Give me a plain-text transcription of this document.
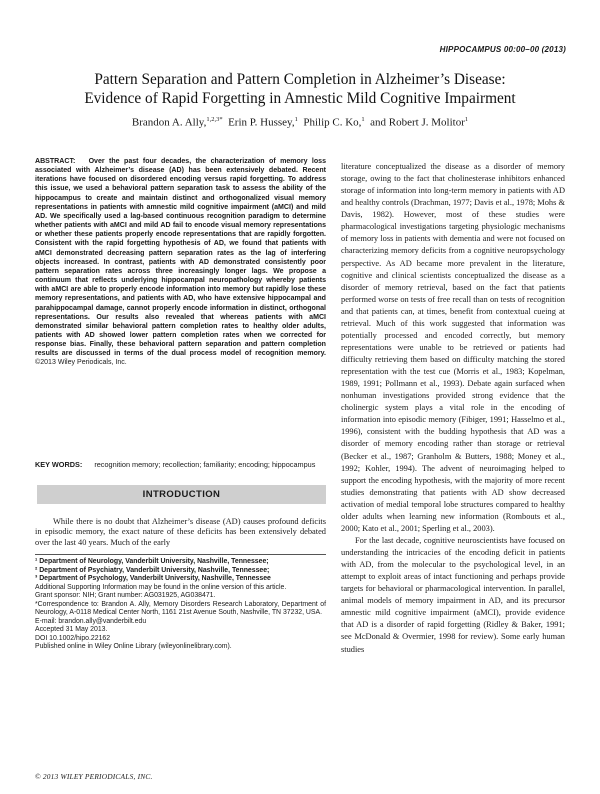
HIPPOCAMPUS 00:00–00 (2013)
Pattern Separation and Pattern Completion in Alzheimer’s Disease:
Evidence of Rapid Forgetting in Amnestic Mild Cognitive Impairment
Brandon A. Ally,$^{1,2,3*}$ Erin P. Hussey,$^1$ Philip C. Ko,$^1$ and Robert J. Molitor$^1$
ABSTRACT: Over the past four decades, the characterization of memory loss associated with Alzheimer’s disease (AD) has been extensively debated. Recent iterations have focused on disordered encoding versus rapid forgetting. To address this issue, we used a behavioral pattern separation task to assess the ability of the hippocampus to create and maintain distinct and orthogonalized visual memory representations in patients with amnestic mild cognitive impairment (aMCI) and mild AD. We specifically used a lag-based continuous recognition paradigm to determine whether patients with aMCI and mild AD fail to encode visual memory representations or whether these patients properly encode representations that are rapidly forgotten. Consistent with the rapid forgetting hypothesis of AD, we found that patients with aMCI demonstrated decreasing pattern separation rates as the lag of interfering objects increased. In contrast, patients with AD demonstrated consistently poor pattern separation rates across three increasingly longer lags. We propose a continuum that reflects underlying hippocampal neuropathology whereby patients with aMCI are able to properly encode information into memory but rapidly lose these memory representations, and patients with AD, who have extensive hippocampal and parahippocampal damage, cannot properly encode information in distinct, orthogonal representations. Our results also revealed that whereas patients with aMCI demonstrated similar behavioral pattern completion rates to healthy older adults, patients with AD showed lower pattern completion rates when we corrected for response bias. Finally, these behavioral pattern separation and pattern completion results are discussed in terms of the dual process model of recognition memory. ©2013 Wiley Periodicals, Inc.
KEY WORDS: recognition memory; recollection; familiarity; encoding; hippocampus
INTRODUCTION
While there is no doubt that Alzheimer’s disease (AD) causes profound deficits in episodic memory, the exact nature of these deficits has been extensively debated over the last 40 years. Much of the early
¹ Department of Neurology, Vanderbilt University, Nashville, Tennessee;
² Department of Psychiatry, Vanderbilt University, Nashville, Tennessee;
³ Department of Psychology, Vanderbilt University, Nashville, Tennessee
Additional Supporting Information may be found in the online version of this article.
Grant sponsor: NIH; Grant number: AG031925, AG038471.
*Correspondence to: Brandon A. Ally, Memory Disorders Research Laboratory, Department of Neurology, A-0118 Medical Center North, 1161 21st Avenue South, Nashville, TN 37232, USA.
E-mail: brandon.ally@vanderbilt.edu
Accepted 31 May 2013.
DOI 10.1002/hipo.22162
Published online in Wiley Online Library (wileyonlinelibrary.com).
© 2013 WILEY PERIODICALS, INC.

literature conceptualized the disease as a disorder of memory storage, owing to the fact that cholinesterase inhibitors enhanced storage of information into long-term memory in patients with AD and healthy controls (Drachman, 1977; Davis et al., 1978; Mohs & Davis, 1982). However, most of these studies were pharmacological investigations targeting physiologic mechanisms of memory loss in patients with dementia and were not focused on characterizing memory deficits from a cognitive neuropsychology perspective. As AD became more prevalent in the literature, cognitive and clinical scientists conceptualized the disease as a disorder of memory retrieval, based on the fact that patients performed worse on tests of free recall than on tests of recognition and that patients can, at times, benefit from contextual cueing at retrieval. Much of this work suggested that information was potentially processed and encoded correctly, but memory representations were unable to be retrieved or patients had difficulty retrieving them based on difficulty matching the stored representation with the test cue (Morris et al., 1983; Kopelman, 1989, 1991; Pollmann et al., 1993). Debate again surfaced when nonhuman investigations provided strong evidence that the cholinergic system plays a vital role in the encoding of information into episodic memory (Fibiger, 1991; Hasselmo et al., 1996), consistent with the budding hypothesis that AD was a disorder of memory encoding rather than storage or retrieval (Becker et al., 1987; Granholm & Butters, 1988; Money et al., 1992; Kohler, 1994). The advent of neuroimaging helped to support the encoding hypothesis, with the majority of more recent studies demonstrating that patients with AD show decreased activation of medial temporal lobe structures compared to healthy older adults when learning new information (Rombouts et al., 2000; Kato et al., 2001; Sperling et al., 2003).

For the last decade, cognitive neuroscientists have focused on understanding the intricacies of the encoding deficit in patients with AD, from the molecular to the psychological level, in an attempt to exploit areas of intact functioning and perhaps provide targets for behavioral or pharmacological intervention. In parallel, animal models of memory impairment in AD, and its precursor amnestic mild cognitive impairment (aMCI), provide evidence that AD is a disorder of rapid forgetting (Ridley & Baker, 1991; see McDonald & Overmier, 1998 for review). Some early human studies
